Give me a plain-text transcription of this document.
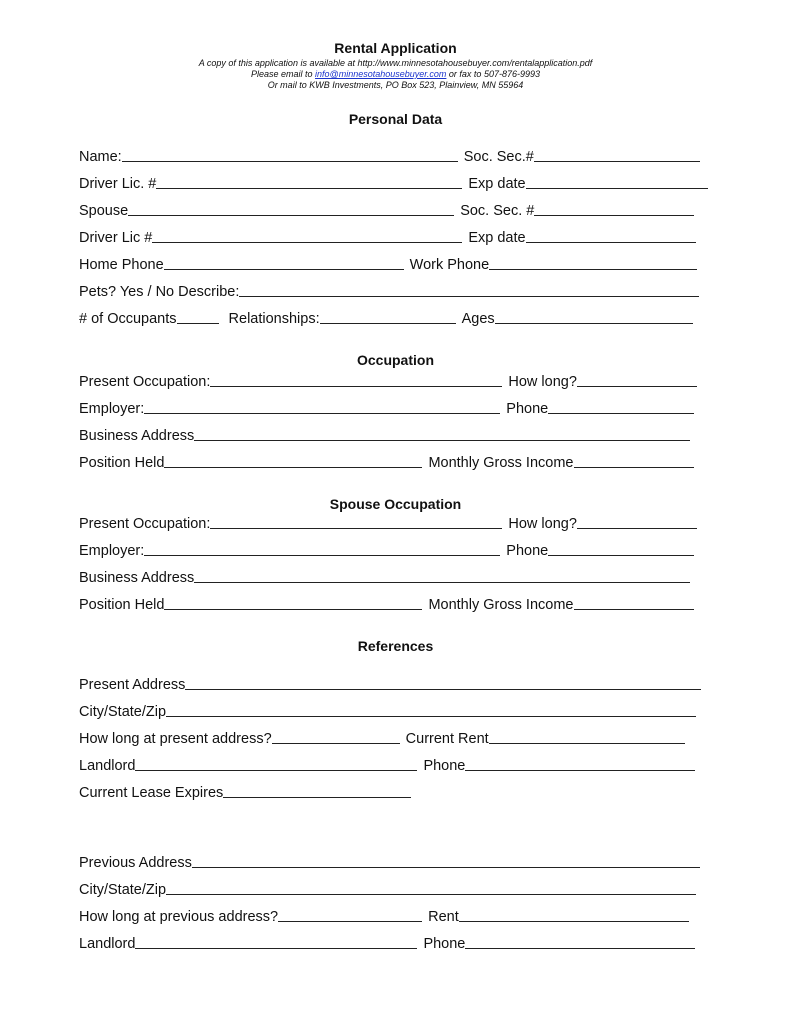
Rental Application
A copy of this application is available at http://www.minnesotahousebuyer.com/rentalapplication.pdf
Please email to info@minnesotahousebuyer.com or fax to 507-876-9993
Or mail to KWB Investments, PO Box 523, Plainview, MN 55964
Personal Data
Name:	Soc. Sec.#
Driver Lic. #	Exp date
Spouse	Soc. Sec. #
Driver Lic #	Exp date
Home Phone	Work Phone
Pets? Yes / No Describe:
# of Occupants	Relationships:	Ages
Occupation
Present Occupation:	How long?
Employer:	Phone
Business Address
Position Held	Monthly Gross Income
Spouse Occupation
Present Occupation:	How long?
Employer:	Phone
Business Address
Position Held	Monthly Gross Income
References
Present Address
City/State/Zip
How long at present address?	Current Rent
Landlord	Phone
Current Lease Expires
Previous Address
City/State/Zip
How long at previous address?	Rent
Landlord	Phone
